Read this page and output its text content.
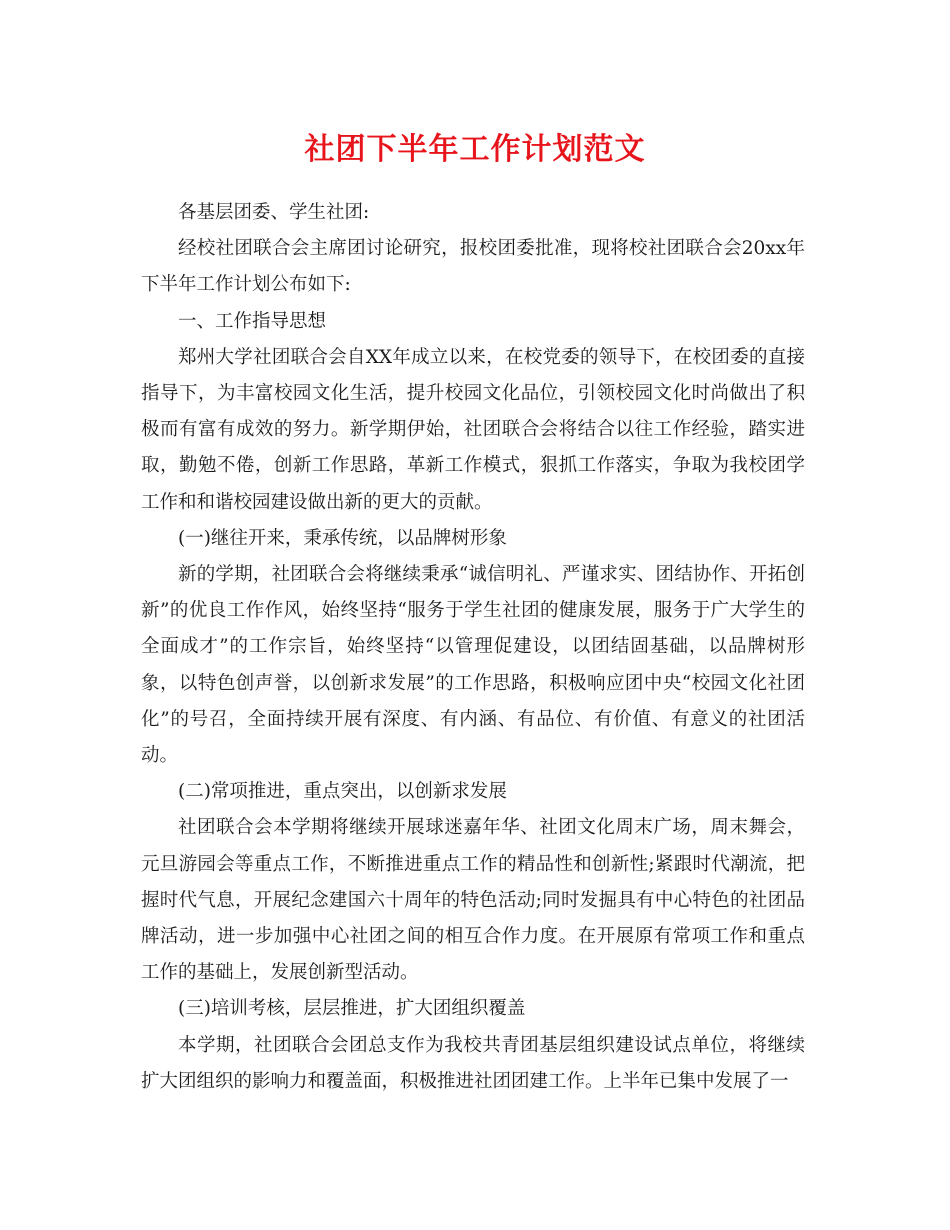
社团下半年工作计划范文

各基层团委、学生社团:

经校社团联合会主席团讨论研究，报校团委批准，现将校社团联合会20xx年下半年工作计划公布如下:

一、工作指导思想

郑州大学社团联合会自XX年成立以来，在校党委的领导下，在校团委的直接指导下，为丰富校园文化生活，提升校园文化品位，引领校园文化时尚做出了积极而有富有成效的努力。新学期伊始，社团联合会将结合以往工作经验，踏实进取，勤勉不倦，创新工作思路，革新工作模式，狠抓工作落实，争取为我校团学工作和和谐校园建设做出新的更大的贡献。

(一)继往开来，秉承传统，以品牌树形象

新的学期，社团联合会将继续秉承“诚信明礼、严谨求实、团结协作、开拓创新”的优良工作作风，始终坚持“服务于学生社团的健康发展，服务于广大学生的全面成才”的工作宗旨，始终坚持“以管理促建设，以团结固基础，以品牌树形象，以特色创声誉，以创新求发展”的工作思路，积极响应团中央“校园文化社团化”的号召，全面持续开展有深度、有内涵、有品位、有价值、有意义的社团活动。

(二)常项推进，重点突出，以创新求发展

社团联合会本学期将继续开展球迷嘉年华、社团文化周末广场，周末舞会，元旦游园会等重点工作，不断推进重点工作的精品性和创新性;紧跟时代潮流，把握时代气息，开展纪念建国六十周年的特色活动;同时发掘具有中心特色的社团品牌活动，进一步加强中心社团之间的相互合作力度。在开展原有常项工作和重点工作的基础上，发展创新型活动。

(三)培训考核，层层推进，扩大团组织覆盖

本学期，社团联合会团总支作为我校共青团基层组织建设试点单位，将继续扩大团组织的影响力和覆盖面，积极推进社团团建工作。上半年已集中发展了一
